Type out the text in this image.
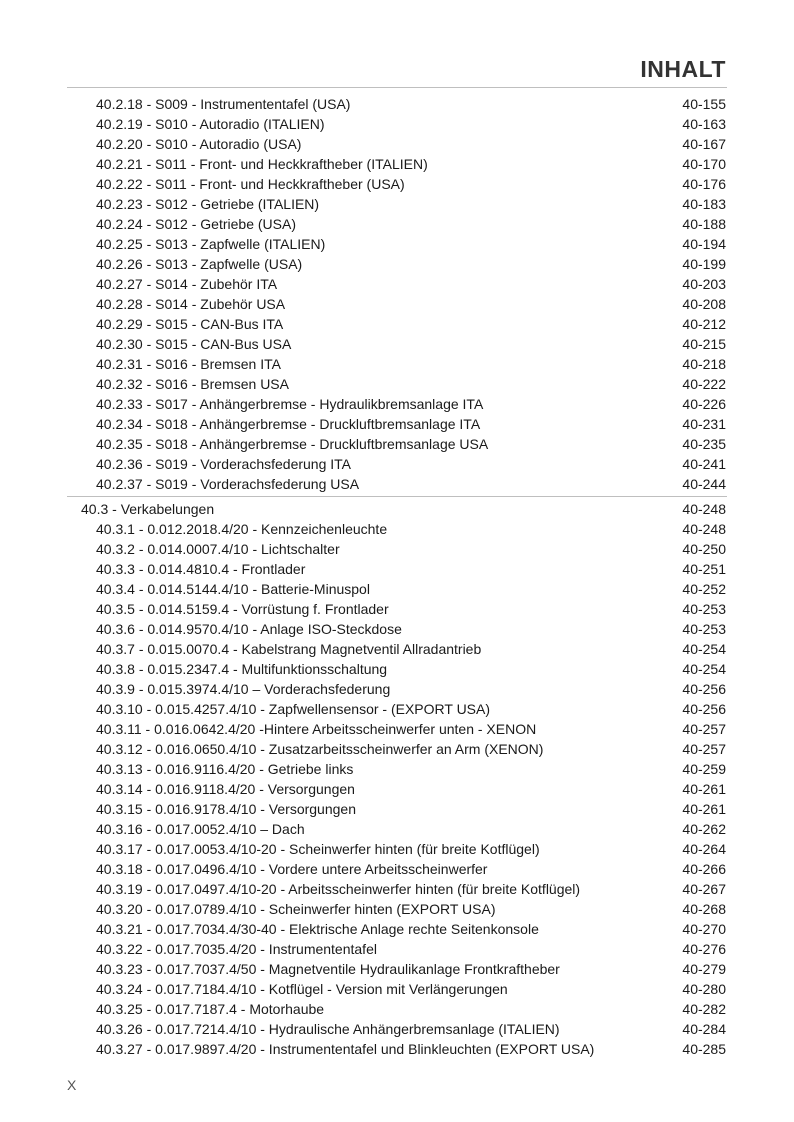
INHALT
40.2.18 - S009 - Instrumententafel (USA)	40-155
40.2.19 - S010 - Autoradio (ITALIEN)	40-163
40.2.20 - S010 - Autoradio (USA)	40-167
40.2.21 - S011 - Front- und Heckkraftheber (ITALIEN)	40-170
40.2.22 - S011 - Front- und Heckkraftheber (USA)	40-176
40.2.23 - S012 - Getriebe (ITALIEN)	40-183
40.2.24 - S012 - Getriebe (USA)	40-188
40.2.25 - S013 - Zapfwelle (ITALIEN)	40-194
40.2.26 - S013 - Zapfwelle (USA)	40-199
40.2.27 - S014 - Zubehör ITA	40-203
40.2.28 - S014 - Zubehör USA	40-208
40.2.29 - S015 - CAN-Bus ITA	40-212
40.2.30 - S015 - CAN-Bus USA	40-215
40.2.31 - S016 - Bremsen ITA	40-218
40.2.32 - S016 - Bremsen USA	40-222
40.2.33 - S017 - Anhängerbremse - Hydraulikbremsanlage ITA	40-226
40.2.34 - S018 - Anhängerbremse - Druckluftbremsanlage ITA	40-231
40.2.35 - S018 - Anhängerbremse - Druckluftbremsanlage USA	40-235
40.2.36 - S019 - Vorderachsfederung ITA	40-241
40.2.37 - S019 - Vorderachsfederung USA	40-244
40.3 - Verkabelungen	40-248
40.3.1 - 0.012.2018.4/20 - Kennzeichenleuchte	40-248
40.3.2 - 0.014.0007.4/10 - Lichtschalter	40-250
40.3.3 - 0.014.4810.4 - Frontlader	40-251
40.3.4 - 0.014.5144.4/10 - Batterie-Minuspol	40-252
40.3.5 - 0.014.5159.4 - Vorrüstung f. Frontlader	40-253
40.3.6 - 0.014.9570.4/10 - Anlage ISO-Steckdose	40-253
40.3.7 - 0.015.0070.4 - Kabelstrang Magnetventil Allradantrieb	40-254
40.3.8 - 0.015.2347.4 - Multifunktionsschaltung	40-254
40.3.9 - 0.015.3974.4/10 – Vorderachsfederung	40-256
40.3.10 - 0.015.4257.4/10 - Zapfwellensensor - (EXPORT USA)	40-256
40.3.11 - 0.016.0642.4/20 -Hintere Arbeitsscheinwerfer unten - XENON	40-257
40.3.12 - 0.016.0650.4/10 - Zusatzarbeitsscheinwerfer an Arm (XENON)	40-257
40.3.13 - 0.016.9116.4/20 - Getriebe links	40-259
40.3.14 - 0.016.9118.4/20 - Versorgungen	40-261
40.3.15 - 0.016.9178.4/10 - Versorgungen	40-261
40.3.16 - 0.017.0052.4/10 – Dach	40-262
40.3.17 - 0.017.0053.4/10-20 - Scheinwerfer hinten (für breite Kotflügel)	40-264
40.3.18 - 0.017.0496.4/10 - Vordere untere Arbeitsscheinwerfer	40-266
40.3.19 - 0.017.0497.4/10-20 - Arbeitsscheinwerfer hinten (für breite Kotflügel)	40-267
40.3.20 - 0.017.0789.4/10 - Scheinwerfer hinten (EXPORT USA)	40-268
40.3.21 - 0.017.7034.4/30-40 - Elektrische Anlage rechte Seitenkonsole	40-270
40.3.22 - 0.017.7035.4/20 - Instrumententafel	40-276
40.3.23 - 0.017.7037.4/50 - Magnetventile Hydraulikanlage Frontkraftheber	40-279
40.3.24 - 0.017.7184.4/10 - Kotflügel - Version mit Verlängerungen	40-280
40.3.25 - 0.017.7187.4 - Motorhaube	40-282
40.3.26 - 0.017.7214.4/10 - Hydraulische Anhängerbremsanlage (ITALIEN)	40-284
40.3.27 - 0.017.9897.4/20 - Instrumententafel und Blinkleuchten (EXPORT USA)	40-285
X
